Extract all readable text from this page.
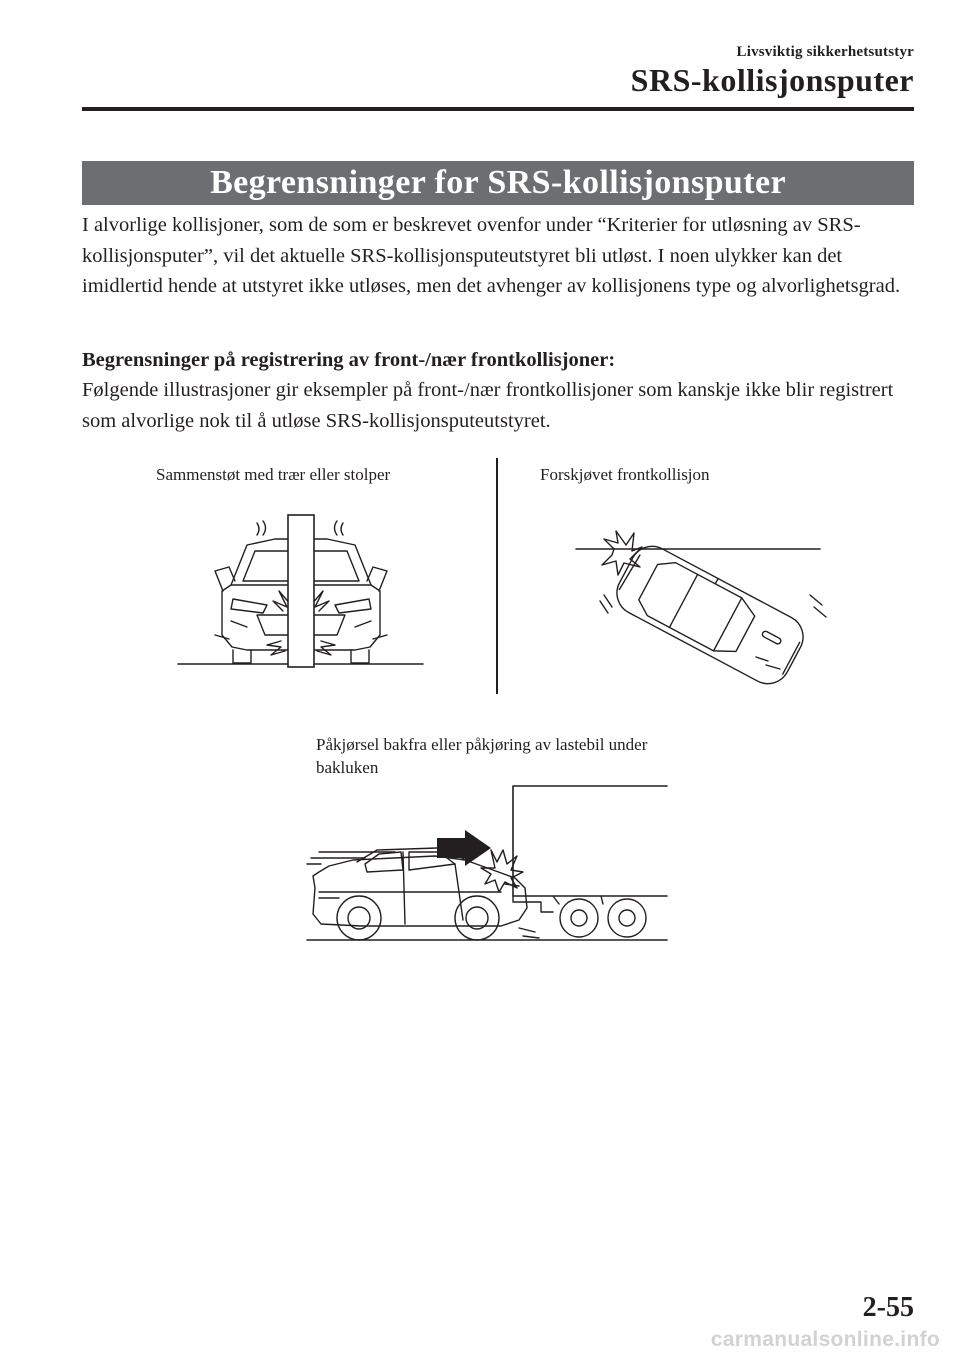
Livsviktig sikkerhetsutstyr
SRS-kollisjonsputer
Begrensninger for SRS-kollisjonsputer

I alvorlige kollisjoner, som de som er beskrevet ovenfor under “Kriterier for utløsning av SRS-kollisjonsputer”, vil det aktuelle SRS-kollisjonsputeutstyret bli utløst. I noen ulykker kan det imidlertid hende at utstyret ikke utløses, men det avhenger av kollisjonens type og alvorlighetsgrad.

Begrensninger på registrering av front-/nær frontkollisjoner:

Følgende illustrasjoner gir eksempler på front-/nær frontkollisjoner som kanskje ikke blir registrert som alvorlige nok til å utløse SRS-kollisjonsputeutstyret.

Sammenstøt med trær eller stolper	Forskjøvet frontkollisjon
Påkjørsel bakfra eller påkjøring av lastebil under bakluken
2-55
carmanualsonline.info
